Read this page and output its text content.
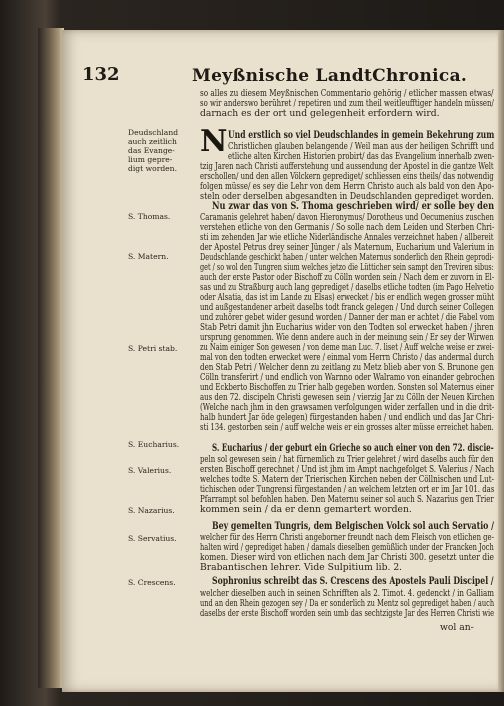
132	Meyßnische LandtChronica.
so alles zu diesem Meyßnischen Commentario gehörig / etlicher massen etwas/
so wir anderswo berühret / repetiren und zum theil weitleufftiger handeln müssen/
darnach es der ort und gelegenheit erfordern wird.
Deudschland
auch zeitlich
das Evange-
lium gepre-
digt worden.
N Und erstlich so viel Deudschlandes in gemein Bekehrung zum
Christlichen glauben belangende / Weil man aus der heiligen Schrifft und
etliche alten Kirchen Historien probirt/ das das Evangelium innerhalb zwen-
tzig Jaren nach Christi aufferstehung und aussendung der Apostel in die gantze Welt
erschollen/ und den allen Völckern geprediget/ schliessen eins theils/ das notwendig
folgen müsse/ es sey die Lehr von dem Herrn Christo auch als bald von den Apo-
steln oder derselben abgesandten in Deudschlanden geprediget worden.
S. Thomas.
S. Matern.
Nu zwar das von S. Thoma geschrieben wird/ er solle bey den
Caramanis gelehret haben/ davon Hieronymus/ Dorotheus und Oecumenius zuschen
verstehen etliche von den Germanis / So solle nach dem Leiden und Sterben Chri-
sti im zehenden Jar wie etliche Niderländische Annales verzeichnet haben / allbereit
der Apostel Petrus drey seiner Jünger / als Maternum, Eucharium und Valerium in
Deudschlande geschickt haben / unter welchen Maternus sonderlich den Rhein geprodi-
get / so wol den Tungren sium welches jetzo die Lütticher sein sampt den Treviren sibus:
auch der erste Pastor oder Bischoff zu Cölln worden sein / Nach dem er zuvorn in El-
sas und zu Straßburg auch lang geprediget / daselbs etliche todten (im Pago Helvetio
oder Alsatia, das ist im Lande zu Elsas) erwecket / bis er endlich wegen grosser müht
und außgestandener arbeit daselbs todt franck gelegen / Und durch seiner Collegen
und zuhörer gebet wider gesund worden / Danner der man er achtet / die Fabel vom
Stab Petri damit jhn Eucharius wider von den Todten sol erwecket haben / jhren
ursprung genommen. Wie denn andere auch in der meinung sein / Er sey der Wirwen
S. Petri stab. zu Naim einiger Son gewesen / von deme man Luc. 7. liset / Auff welche weise er zwei-
mal von den todten erwecket were / einmal vom Herrn Christo / das andermal durch
den Stab Petri / Welcher denn zu zeitlang zu Metz blieb aber von S. Brunone gen
Cölln transferirt / und endlich von Warnno oder Walramo von einander gebrochen
und Eckberto Bischoffen zu Trier halb gegeben worden. Sonsten sol Maternus einer
aus den 72. discipeln Christi gewesen sein / vierzig Jar zu Cölln der Neuen Kirchen
(Welche nach jhm in den grawsamen verfolgungen wider zerfallen und in die drit-
halb hundert Jar öde gelegen) fürgestanden haben / und endlich und das Jar Chri-
sti 134. gestorben sein / auff welche weis er ein grosses alter müsse erreichet haben.
S. Eucharius.	S. Eucharius / der geburt ein Grieche so auch einer von den 72. discie-
peln sol gewesen sein / hat fürnemlich zu Trier gelehret / wird daselbs auch für den
S. Valerius.	ersten Bischoff gerechnet / Und ist jhm im Ampt nachgefolget S. Valerius / Nach
welches todte S. Matern der Trierischen Kirchen neben der Cöllnischen und Lut-
tichischen oder Tungrensi fürgestanden / an welchem letzten ort er im Jar 101. das
Pfarrampt sol befohlen haben. Den Maternu seiner sol auch S. Nazarius gen Trier
S. Nazarius.	kommen sein / da er denn gemartert worden.
Bey gemelten Tungris, dem Belgischen Volck sol auch Servatio /
S. Servatius.	welcher für des Herrn Christi angeborner freundt nach dem Fleisch von etlichen ge-
halten wird / geprediget haben / damals dieselben gemüßlich under der Francken Joch
komen. Dieser wird von etlichen nach dem Jar Christi 300. gesetzt unter die
Brabantischen lehrer. Vide Sulpitium lib. 2.
S. Crescens.	Sophronius schreibt das S. Crescens des Apostels Pauli Discipel /
welcher dieselben auch in seinen Schrifften als 2. Timot. 4. gedenckt / in Galliam
und an den Rhein gezogen sey / Da er sonderlich zu Mentz sol geprediget haben / auch
daselbs der erste Bischoff worden sein umb das sechtzigste Jar des Herren Christi wie
wol an-
